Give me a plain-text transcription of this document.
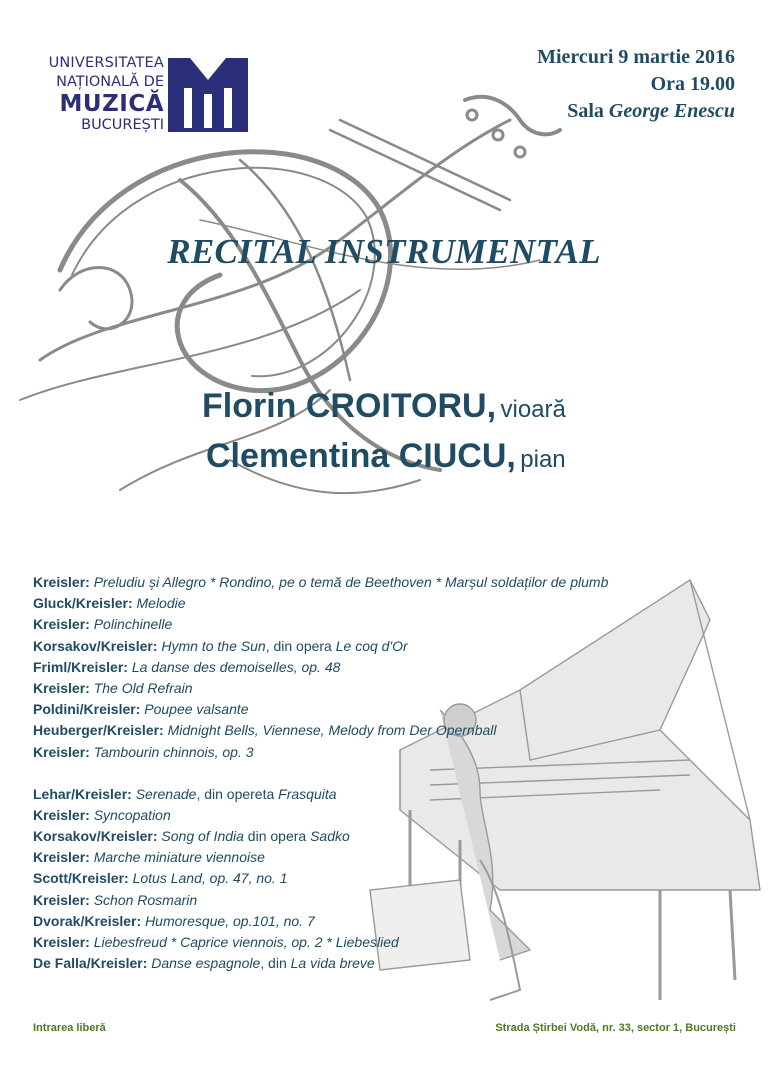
UNIVERSITATEA
NAȚIONALĂ DE
MUZICĂ
BUCUREȘTI
Miercuri 9 martie 2016
Ora 19.00
Sala George Enescu
RECITAL INSTRUMENTAL
Florin CROITORU, vioară
Clementina CIUCU, pian
Kreisler: Preludiu și Allegro * Rondino, pe o temă de Beethoven * Marșul soldaților de plumb
Gluck/Kreisler: Melodie
Kreisler: Polinchinelle
Korsakov/Kreisler: Hymn to the Sun, din opera Le coq d'Or
Friml/Kreisler: La danse des demoiselles, op. 48
Kreisler: The Old Refrain
Poldini/Kreisler: Poupee valsante
Heuberger/Kreisler: Midnight Bells, Viennese, Melody from Der Opernball
Kreisler: Tambourin chinnois, op. 3
Lehar/Kreisler: Serenade, din opereta Frasquita
Kreisler: Syncopation
Korsakov/Kreisler: Song of India din opera Sadko
Kreisler: Marche miniature viennoise
Scott/Kreisler: Lotus Land, op. 47, no. 1
Kreisler: Schon Rosmarin
Dvorak/Kreisler: Humoresque, op.101, no. 7
Kreisler: Liebesfreud * Caprice viennois, op. 2 * Liebeslied
De Falla/Kreisler: Danse espagnole, din La vida breve
Intrarea liberă	Strada Știrbei Vodă, nr. 33, sector 1, București
